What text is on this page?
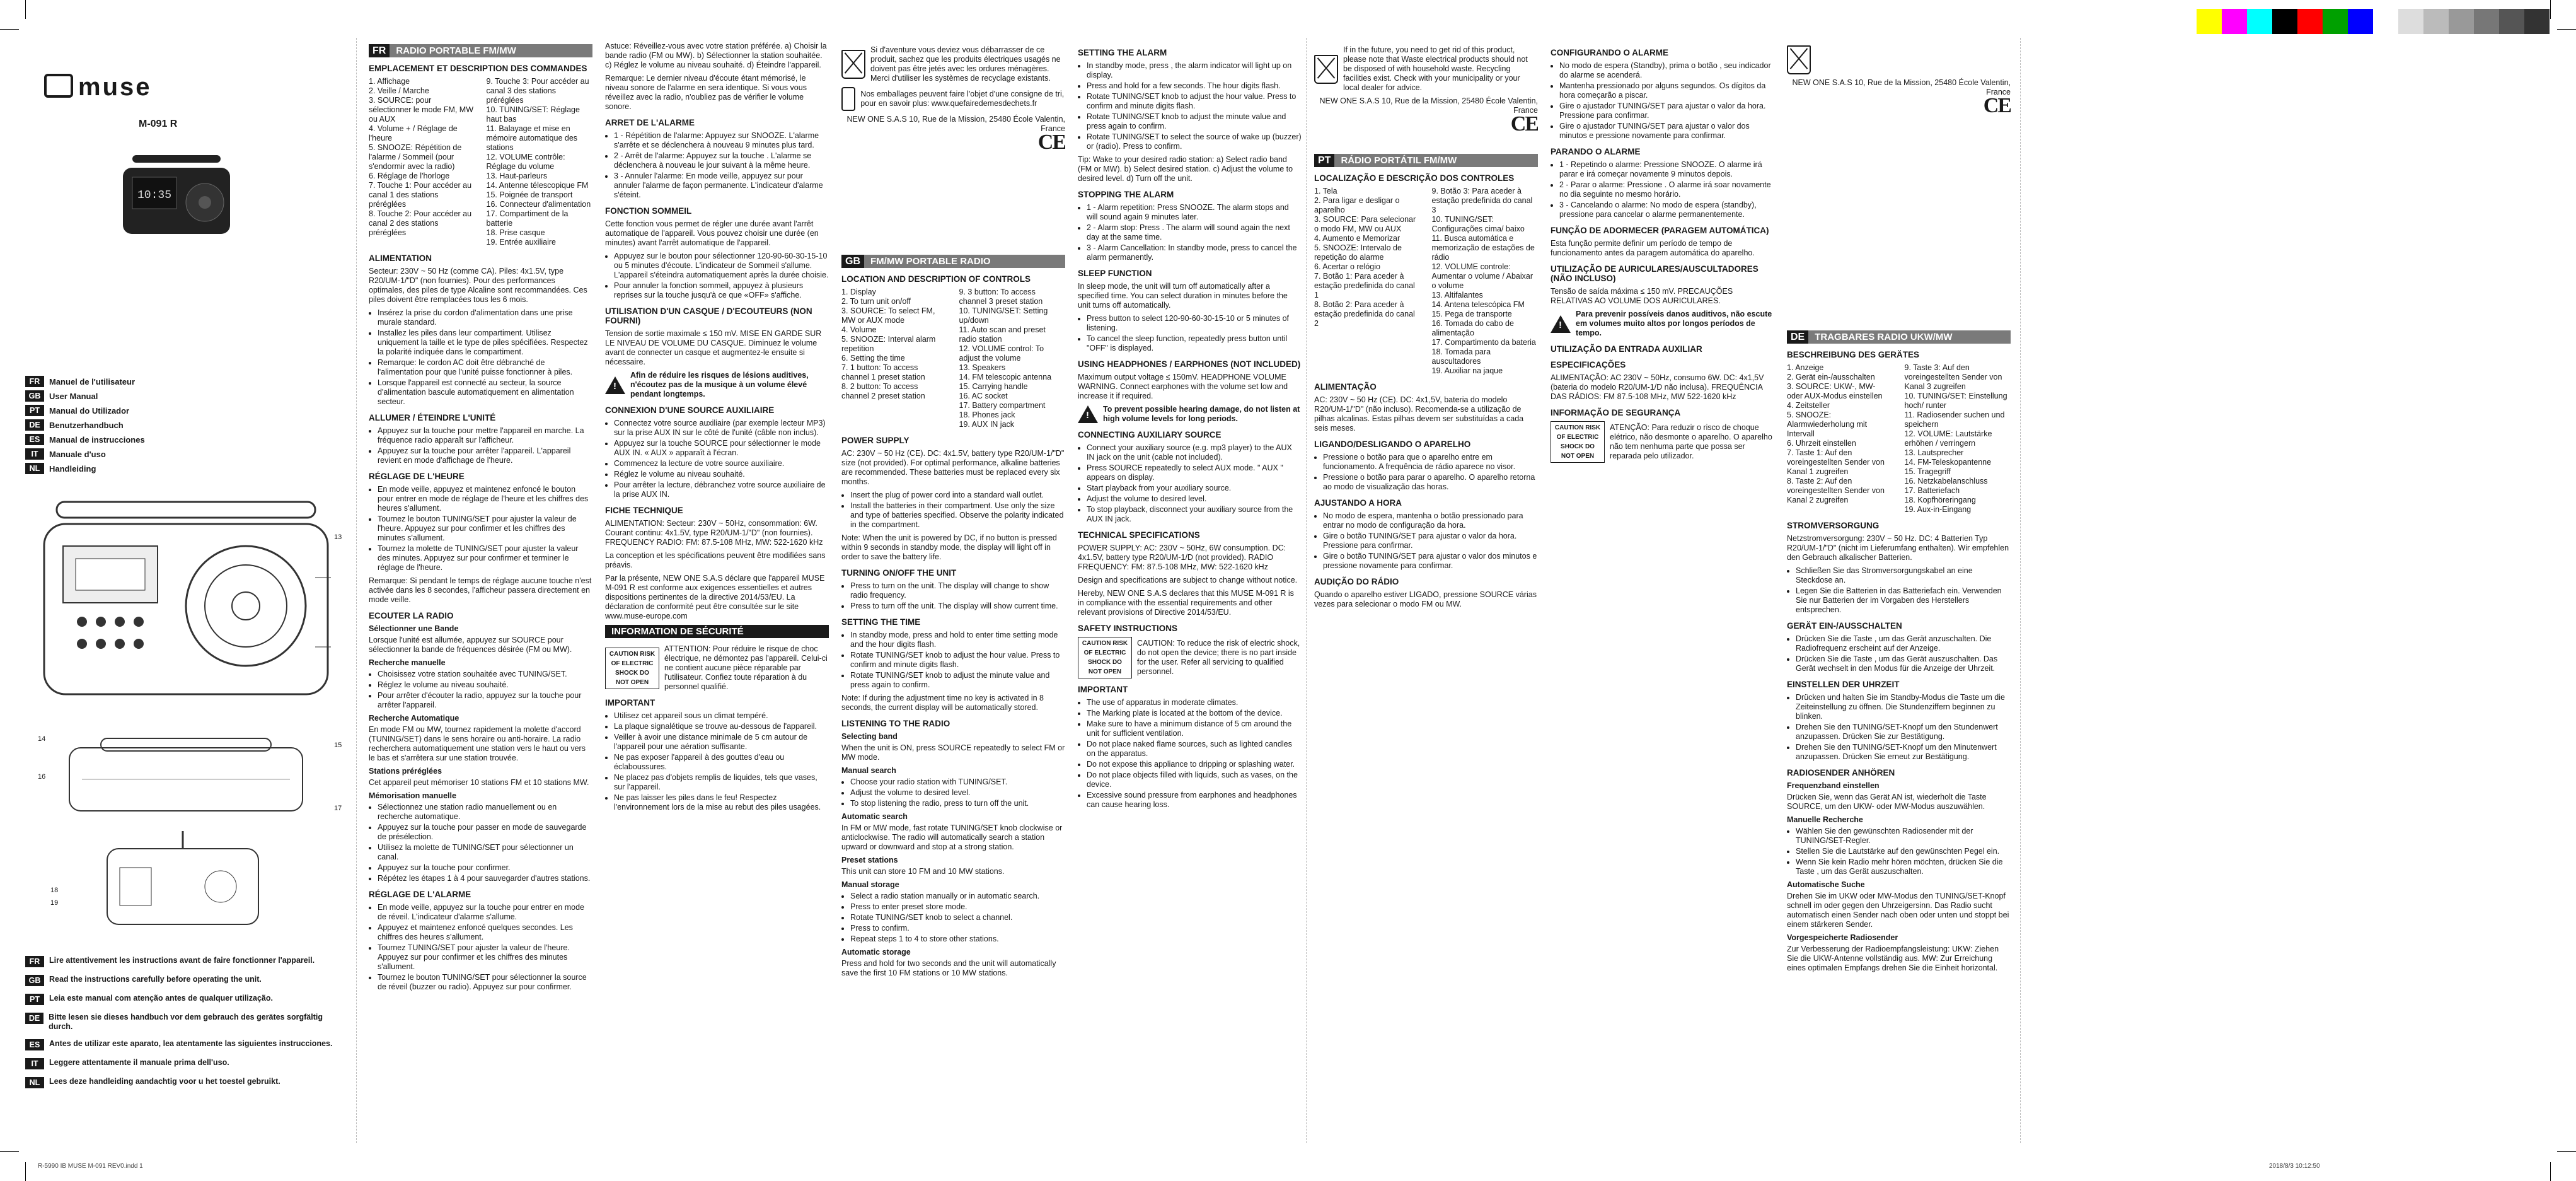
muse
M-091 R
10:35
13
14
15
16
17
18
19
FR	Manuel de l'utilisateur
GB	User Manual
PT	Manual do Utilizador
DE	Benutzerhandbuch
ES	Manual de instrucciones
IT	Manuale d'uso
NL	Handleiding
FR	Lire attentivement les instructions avant de faire fonctionner l'appareil.
GB	Read the instructions carefully before operating the unit.
PT	Leia este manual com atenção antes de qualquer utilização.
DE	Bitte lesen sie dieses handbuch vor dem gebrauch des gerätes sorgfältig durch.
ES	Antes de utilizar este aparato, lea atentamente las siguientes instrucciones.
IT	Leggere attentamente il manuale prima dell'uso.
NL	Lees deze handleiding aandachtig voor u het toestel gebruikt.
FR	RADIO PORTABLE FM/MW
EMPLACEMENT ET DESCRIPTION DES COMMANDES
1. Affichage
2. Veille / Marche
3. SOURCE: pour sélectionner le mode FM, MW ou AUX
4. Volume + / Réglage de l'heure
5. SNOOZE: Répétition de l'alarme / Sommeil (pour s'endormir avec la radio)
6. Réglage de l'horloge
7. Touche 1: Pour accéder au canal 1 des stations préréglées
8. Touche 2: Pour accéder au canal 2 des stations préréglées
9. Touche 3: Pour accéder au canal 3 des stations préréglées
10. TUNING/SET: Réglage haut bas
11. Balayage et mise en mémoire automatique des stations
12. VOLUME contrôle: Réglage du volume
13. Haut-parleurs
14. Antenne télescopique FM
15. Poignée de transport
16. Connecteur d'alimentation
17. Compartiment de la batterie
18. Prise casque
19. Entrée auxiliaire
ALIMENTATION

Secteur: 230V ~ 50 Hz (comme CA). Piles: 4x1.5V, type R20/UM-1/"D" (non fournies). Pour des performances optimales, des piles de type Alcaline sont recommandées. Ces piles doivent être remplacées tous les 6 mois.

• Insérez la prise du cordon d'alimentation dans une prise murale standard.
• Installez les piles dans leur compartiment. Utilisez uniquement la taille et le type de piles spécifiées. Respectez la polarité indiquée dans le compartiment.
• Remarque: le cordon AC doit être débranché de l'alimentation pour que l'unité puisse fonctionner à piles.
• Lorsque l'appareil est connecté au secteur, la source d'alimentation bascule automatiquement en alimentation secteur.
ALLUMER / ÉTEINDRE L'UNITÉ
• Appuyez sur la touche pour mettre l'appareil en marche. La fréquence radio apparaît sur l'afficheur.
• Appuyez sur la touche pour arrêter l'appareil. L'appareil revient en mode d'affichage de l'heure.
RÉGLAGE DE L'HEURE
• En mode veille, appuyez et maintenez enfoncé le bouton pour entrer en mode de réglage de l'heure et les chiffres des heures s'allument.
• Tournez le bouton TUNING/SET pour ajuster la valeur de l'heure. Appuyez sur pour confirmer et les chiffres des minutes s'allument.
• Tournez la molette de TUNING/SET pour ajuster la valeur des minutes. Appuyez sur pour confirmer et terminer le réglage de l'heure.

Remarque: Si pendant le temps de réglage aucune touche n'est activée dans les 8 secondes, l'afficheur passera directement en mode veille.

ECOUTER LA RADIO
Sélectionner une Bande

Lorsque l'unité est allumée, appuyez sur SOURCE pour sélectionner la bande de fréquences désirée (FM ou MW).

Recherche manuelle
• Choisissez votre station souhaitée avec TUNING/SET.
• Réglez le volume au niveau souhaité.
• Pour arrêter d'écouter la radio, appuyez sur la touche pour arrêter l'appareil.
Recherche Automatique

En mode FM ou MW, tournez rapidement la molette d'accord (TUNING/SET) dans le sens horaire ou anti-horaire. La radio recherchera automatiquement une station vers le haut ou vers le bas et s'arrêtera sur une station trouvée.

Stations préréglées

Cet appareil peut mémoriser 10 stations FM et 10 stations MW.

Mémorisation manuelle
• Sélectionnez une station radio manuellement ou en recherche automatique.
• Appuyez sur la touche pour passer en mode de sauvegarde de présélection.
• Utilisez la molette de TUNING/SET pour sélectionner un canal.
• Appuyez sur la touche pour confirmer.
• Répétez les étapes 1 à 4 pour sauvegarder d'autres stations.
RÉGLAGE DE L'ALARME
• En mode veille, appuyez sur la touche pour entrer en mode de réveil. L'indicateur d'alarme s'allume.
• Appuyez et maintenez enfoncé quelques secondes. Les chiffres des heures s'allument.
• Tournez TUNING/SET pour ajuster la valeur de l'heure. Appuyez sur pour confirmer et les chiffres des minutes s'allument.
• Tournez le bouton TUNING/SET pour sélectionner la source de réveil (buzzer ou radio). Appuyez sur pour confirmer.

Astuce: Réveillez-vous avec votre station préférée. a) Choisir la bande radio (FM ou MW). b) Sélectionner la station souhaitée. c) Réglez le volume au niveau souhaité. d) Éteindre l'appareil.

Remarque: Le dernier niveau d'écoute étant mémorisé, le niveau sonore de l'alarme en sera identique. Si vous vous réveillez avec la radio, n'oubliez pas de vérifier le volume sonore.

ARRET DE L'ALARME
• 1 - Répétition de l'alarme: Appuyez sur SNOOZE. L'alarme s'arrête et se déclenchera à nouveau 9 minutes plus tard.
• 2 - Arrêt de l'alarme: Appuyez sur la touche . L'alarme se déclenchera à nouveau le jour suivant à la même heure.
• 3 - Annuler l'alarme: En mode veille, appuyez sur pour annuler l'alarme de façon permanente. L'indicateur d'alarme s'éteint.
FONCTION SOMMEIL

Cette fonction vous permet de régler une durée avant l'arrêt automatique de l'appareil. Vous pouvez choisir une durée (en minutes) avant l'arrêt automatique de l'appareil.

• Appuyez sur le bouton pour sélectionner 120-90-60-30-15-10 ou 5 minutes d'écoute. L'indicateur de Sommeil s'allume. L'appareil s'éteindra automatiquement après la durée choisie.
• Pour annuler la fonction sommeil, appuyez à plusieurs reprises sur la touche jusqu'à ce que «OFF» s'affiche.
UTILISATION D'UN CASQUE / D'ECOUTEURS (NON FOURNI)

Tension de sortie maximale ≤ 150 mV. MISE EN GARDE SUR LE NIVEAU DE VOLUME DU CASQUE. Diminuez le volume avant de connecter un casque et augmentez-le ensuite si nécessaire.

!
Afin de réduire les risques de lésions auditives, n'écoutez pas de la musique à un volume élevé pendant longtemps.
CONNEXION D'UNE SOURCE AUXILIAIRE
• Connectez votre source auxiliaire (par exemple lecteur MP3) sur la prise AUX IN sur le côté de l'unité (câble non inclus).
• Appuyez sur la touche SOURCE pour sélectionner le mode AUX IN. « AUX » apparaît à l'écran.
• Commencez la lecture de votre source auxiliaire.
• Réglez le volume au niveau souhaité.
• Pour arrêter la lecture, débranchez votre source auxiliaire de la prise AUX IN.
FICHE TECHNIQUE

ALIMENTATION: Secteur: 230V ~ 50Hz, consommation: 6W. Courant continu: 4x1.5V, type R20/UM-1/"D" (non fournies). FREQUENCY RADIO: FM: 87.5-108 MHz, MW: 522-1620 kHz

La conception et les spécifications peuvent être modifiées sans préavis.

Par la présente, NEW ONE S.A.S déclare que l'appareil MUSE M-091 R est conforme aux exigences essentielles et autres dispositions pertinentes de la directive 2014/53/EU. La déclaration de conformité peut être consultée sur le site www.muse-europe.com

INFORMATION DE SÉCURITÉ
CAUTION RISK OF ELECTRIC SHOCK DO NOT OPEN
ATTENTION: Pour réduire le risque de choc électrique, ne démontez pas l'appareil. Celui-ci ne contient aucune pièce réparable par l'utilisateur. Confiez toute réparation à du personnel qualifié.
IMPORTANT
• Utilisez cet appareil sous un climat tempéré.
• La plaque signalétique se trouve au-dessous de l'appareil.
• Veiller à avoir une distance minimale de 5 cm autour de l'appareil pour une aération suffisante.
• Ne pas exposer l'appareil à des gouttes d'eau ou éclaboussures.
• Ne placez pas d'objets remplis de liquides, tels que vases, sur l'appareil.
• Ne pas laisser les piles dans le feu! Respectez l'environnement lors de la mise au rebut des piles usagées.
Si d'aventure vous deviez vous débarrasser de ce produit, sachez que les produits électriques usagés ne doivent pas être jetés avec les ordures ménagères. Merci d'utiliser les systèmes de recyclage existants.
Nos emballages peuvent faire l'objet d'une consigne de tri, pour en savoir plus: www.quefairedemesdechets.fr

NEW ONE S.A.S 10, Rue de la Mission, 25480 École Valentin, France

CE
GB	FM/MW PORTABLE RADIO
LOCATION AND DESCRIPTION OF CONTROLS
1. Display
2. To turn unit on/off
3. SOURCE: To select FM, MW or AUX mode
4. Volume
5. SNOOZE: Interval alarm repetition
6. Setting the time
7. 1 button: To access channel 1 preset station
8. 2 button: To access channel 2 preset station
9. 3 button: To access channel 3 preset station
10. TUNING/SET: Setting up/down
11. Auto scan and preset radio station
12. VOLUME control: To adjust the volume
13. Speakers
14. FM telescopic antenna
15. Carrying handle
16. AC socket
17. Battery compartment
18. Phones jack
19. AUX IN jack
POWER SUPPLY

AC: 230V ~ 50 Hz (CE). DC: 4x1.5V, battery type R20/UM-1/"D" size (not provided). For optimal performance, alkaline batteries are recommended. These batteries must be replaced every six months.

• Insert the plug of power cord into a standard wall outlet.
• Install the batteries in their compartment. Use only the size and type of batteries specified. Observe the polarity indicated in the compartment.

Note: When the unit is powered by DC, if no button is pressed within 9 seconds in standby mode, the display will light off in order to save the battery life.

TURNING ON/OFF THE UNIT
• Press to turn on the unit. The display will change to show radio frequency.
• Press to turn off the unit. The display will show current time.
SETTING THE TIME
• In standby mode, press and hold to enter time setting mode and the hour digits flash.
• Rotate TUNING/SET knob to adjust the hour value. Press to confirm and minute digits flash.
• Rotate TUNING/SET knob to adjust the minute value and press again to confirm.

Note: If during the adjustment time no key is activated in 8 seconds, the current display will be automatically stored.

LISTENING TO THE RADIO
Selecting band

When the unit is ON, press SOURCE repeatedly to select FM or MW mode.

Manual search
• Choose your radio station with TUNING/SET.
• Adjust the volume to desired level.
• To stop listening the radio, press to turn off the unit.
Automatic search

In FM or MW mode, fast rotate TUNING/SET knob clockwise or anticlockwise. The radio will automatically search a station upward or downward and stop at a strong station.

Preset stations

This unit can store 10 FM and 10 MW stations.

Manual storage
• Select a radio station manually or in automatic search.
• Press to enter preset store mode.
• Rotate TUNING/SET knob to select a channel.
• Press to confirm.
• Repeat steps 1 to 4 to store other stations.
Automatic storage

Press and hold for two seconds and the unit will automatically save the first 10 FM stations or 10 MW stations.

SETTING THE ALARM
• In standby mode, press , the alarm indicator will light up on display.
• Press and hold for a few seconds. The hour digits flash.
• Rotate TUNING/SET knob to adjust the hour value. Press to confirm and minute digits flash.
• Rotate TUNING/SET knob to adjust the minute value and press again to confirm.
• Rotate TUNING/SET to select the source of wake up (buzzer) or (radio). Press to confirm.

Tip: Wake to your desired radio station: a) Select radio band (FM or MW). b) Select desired station. c) Adjust the volume to desired level. d) Turn off the unit.

STOPPING THE ALARM
• 1 - Alarm repetition: Press SNOOZE. The alarm stops and will sound again 9 minutes later.
• 2 - Alarm stop: Press . The alarm will sound again the next day at the same time.
• 3 - Alarm Cancellation: In standby mode, press to cancel the alarm permanently.
SLEEP FUNCTION

In sleep mode, the unit will turn off automatically after a specified time. You can select duration in minutes before the unit turns off automatically.

• Press button to select 120-90-60-30-15-10 or 5 minutes of listening.
• To cancel the sleep function, repeatedly press button until "OFF" is displayed.
USING HEADPHONES / EARPHONES (NOT INCLUDED)

Maximum output voltage ≤ 150mV. HEADPHONE VOLUME WARNING. Connect earphones with the volume set low and increase it if required.

!
To prevent possible hearing damage, do not listen at high volume levels for long periods.
CONNECTING AUXILIARY SOURCE
• Connect your auxiliary source (e.g. mp3 player) to the AUX IN jack on the unit (cable not included).
• Press SOURCE repeatedly to select AUX mode. " AUX " appears on display.
• Start playback from your auxiliary source.
• Adjust the volume to desired level.
• To stop playback, disconnect your auxiliary source from the AUX IN jack.
TECHNICAL SPECIFICATIONS

POWER SUPPLY: AC: 230V ~ 50Hz, 6W consumption. DC: 4x1.5V, battery type R20/UM-1/D (not provided). RADIO FREQUENCY: FM: 87.5-108 MHz, MW: 522-1620 kHz

Design and specifications are subject to change without notice.

Hereby, NEW ONE S.A.S declares that this MUSE M-091 R is in compliance with the essential requirements and other relevant provisions of Directive 2014/53/EU.

SAFETY INSTRUCTIONS
CAUTION RISK OF ELECTRIC SHOCK DO NOT OPEN
CAUTION: To reduce the risk of electric shock, do not open the device; there is no part inside for the user. Refer all servicing to qualified personnel.
IMPORTANT
• The use of apparatus in moderate climates.
• The Marking plate is located at the bottom of the device.
• Make sure to have a minimum distance of 5 cm around the unit for sufficient ventilation.
• Do not place naked flame sources, such as lighted candles on the apparatus.
• Do not expose this appliance to dripping or splashing water.
• Do not place objects filled with liquids, such as vases, on the device.
• Excessive sound pressure from earphones and headphones can cause hearing loss.
If in the future, you need to get rid of this product, please note that Waste electrical products should not be disposed of with household waste. Recycling facilities exist. Check with your municipality or your local dealer for advice.

NEW ONE S.A.S 10, Rue de la Mission, 25480 École Valentin, France

CE
PT	RÁDIO PORTÁTIL FM/MW
LOCALIZAÇÃO E DESCRIÇÃO DOS CONTROLES
1. Tela
2. Para ligar e desligar o aparelho
3. SOURCE: Para selecionar o modo FM, MW ou AUX
4. Aumento e Memorizar
5. SNOOZE: Intervalo de repetição do alarme
6. Acertar o relógio
7. Botão 1: Para aceder à estação predefinida do canal 1
8. Botão 2: Para aceder à estação predefinida do canal 2
9. Botão 3: Para aceder à estação predefinida do canal 3
10. TUNING/SET: Configurações cima/ baixo
11. Busca automática e memorização de estações de rádio
12. VOLUME controle: Aumentar o volume / Abaixar o volume
13. Altifalantes
14. Antena telescópica FM
15. Pega de transporte
16. Tomada do cabo de alimentação
17. Compartimento da bateria
18. Tomada para auscultadores
19. Auxiliar na jaque
ALIMENTAÇÃO

AC: 230V ~ 50 Hz (CE). DC: 4x1,5V, bateria do modelo R20/UM-1/"D" (não incluso). Recomenda-se a utilização de pilhas alcalinas. Estas pilhas devem ser substituídas a cada seis meses.

LIGANDO/DESLIGANDO O APARELHO
• Pressione o botão para que o aparelho entre em funcionamento. A frequência de rádio aparece no visor.
• Pressione o botão para parar o aparelho. O aparelho retorna ao modo de visualização das horas.
AJUSTANDO A HORA
• No modo de espera, mantenha o botão pressionado para entrar no modo de configuração da hora.
• Gire o botão TUNING/SET para ajustar o valor da hora. Pressione para confirmar.
• Gire o botão TUNING/SET para ajustar o valor dos minutos e pressione novamente para confirmar.
AUDIÇÃO DO RÁDIO

Quando o aparelho estiver LIGADO, pressione SOURCE várias vezes para selecionar o modo FM ou MW.

CONFIGURANDO O ALARME
• No modo de espera (Standby), prima o botão , seu indicador do alarme se acenderá.
• Mantenha pressionado por alguns segundos. Os dígitos da hora começarão a piscar.
• Gire o ajustador TUNING/SET para ajustar o valor da hora. Pressione para confirmar.
• Gire o ajustador TUNING/SET para ajustar o valor dos minutos e pressione novamente para confirmar.
PARANDO O ALARME
• 1 - Repetindo o alarme: Pressione SNOOZE. O alarme irá parar e irá começar novamente 9 minutos depois.
• 2 - Parar o alarme: Pressione . O alarme irá soar novamente no dia seguinte no mesmo horário.
• 3 - Cancelando o alarme: No modo de espera (standby), pressione para cancelar o alarme permanentemente.
FUNÇÃO DE ADORMECER (PARAGEM AUTOMÁTICA)

Esta função permite definir um período de tempo de funcionamento antes da paragem automática do aparelho.

UTILIZAÇÃO DE AURICULARES/AUSCULTADORES (NÃO INCLUSO)

Tensão de saída máxima ≤ 150 mV. PRECAUÇÕES RELATIVAS AO VOLUME DOS AURICULARES.

!
Para prevenir possíveis danos auditivos, não escute em volumes muito altos por longos períodos de tempo.
UTILIZAÇÃO DA ENTRADA AUXILIAR
ESPECIFICAÇÕES

ALIMENTAÇÃO: AC 230V ~ 50Hz, consumo 6W. DC: 4x1,5V (bateria do modelo R20/UM-1/D não inclusa). FREQUÊNCIA DAS RÁDIOS: FM 87.5-108 MHz, MW 522-1620 kHz

INFORMAÇÃO DE SEGURANÇA
CAUTION RISK OF ELECTRIC SHOCK DO NOT OPEN
ATENÇÃO: Para reduzir o risco de choque elétrico, não desmonte o aparelho. O aparelho não tem nenhuma parte que possa ser reparada pelo utilizador.

NEW ONE S.A.S 10, Rue de la Mission, 25480 École Valentin, France

CE
DE	TRAGBARES RADIO UKW/MW
BESCHREIBUNG DES GERÄTES
1. Anzeige
2. Gerät ein-/ausschalten
3. SOURCE: UKW-, MW- oder AUX-Modus einstellen
4. Zeitsteller
5. SNOOZE: Alarmwiederholung mit Intervall
6. Uhrzeit einstellen
7. Taste 1: Auf den voreingestellten Sender von Kanal 1 zugreifen
8. Taste 2: Auf den voreingestellten Sender von Kanal 2 zugreifen
9. Taste 3: Auf den voreingestellten Sender von Kanal 3 zugreifen
10. TUNING/SET: Einstellung hoch/ runter
11. Radiosender suchen und speichern
12. VOLUME: Lautstärke erhöhen / verringern
13. Lautsprecher
14. FM-Teleskopantenne
15. Tragegriff
16. Netzkabelanschluss
17. Batteriefach
18. Kopfhöreringang
19. Aux-in-Eingang
STROMVERSORGUNG

Netzstromversorgung: 230V ~ 50 Hz. DC: 4 Batterien Typ R20/UM-1/"D" (nicht im Lieferumfang enthalten). Wir empfehlen den Gebrauch alkalischer Batterien.

• Schließen Sie das Stromversorgungskabel an eine Steckdose an.
• Legen Sie die Batterien in das Batteriefach ein. Verwenden Sie nur Batterien der im Vorgaben des Herstellers entsprechen.
GERÄT EIN-/AUSSCHALTEN
• Drücken Sie die Taste , um das Gerät anzuschalten. Die Radiofrequenz erscheint auf der Anzeige.
• Drücken Sie die Taste , um das Gerät auszuschalten. Das Gerät wechselt in den Modus für die Anzeige der Uhrzeit.
EINSTELLEN DER UHRZEIT
• Drücken und halten Sie im Standby-Modus die Taste um die Zeiteinstellung zu öffnen. Die Stundenziffern beginnen zu blinken.
• Drehen Sie den TUNING/SET-Knopf um den Stundenwert anzupassen. Drücken Sie zur Bestätigung.
• Drehen Sie den TUNING/SET-Knopf um den Minutenwert anzupassen. Drücken Sie erneut zur Bestätigung.
RADIOSENDER ANHÖREN
Frequenzband einstellen

Drücken Sie, wenn das Gerät AN ist, wiederholt die Taste SOURCE, um den UKW- oder MW-Modus auszuwählen.

Manuelle Recherche
• Wählen Sie den gewünschten Radiosender mit der TUNING/SET-Regler.
• Stellen Sie die Lautstärke auf den gewünschten Pegel ein.
• Wenn Sie kein Radio mehr hören möchten, drücken Sie die Taste , um das Gerät auszuschalten.
Automatische Suche

Drehen Sie im UKW oder MW-Modus den TUNING/SET-Knopf schnell im oder gegen den Uhrzeigersinn. Das Radio sucht automatisch einen Sender nach oben oder unten und stoppt bei einem stärkeren Sender.

Vorgespeicherte Radiosender

Zur Verbesserung der Radioempfangsleistung: UKW: Ziehen Sie die UKW-Antenne vollständig aus. MW: Zur Erreichung eines optimalen Empfangs drehen Sie die Einheit horizontal.

R-5990 IB MUSE M-091 REV0.indd 1	2018/8/3 10:12:50
